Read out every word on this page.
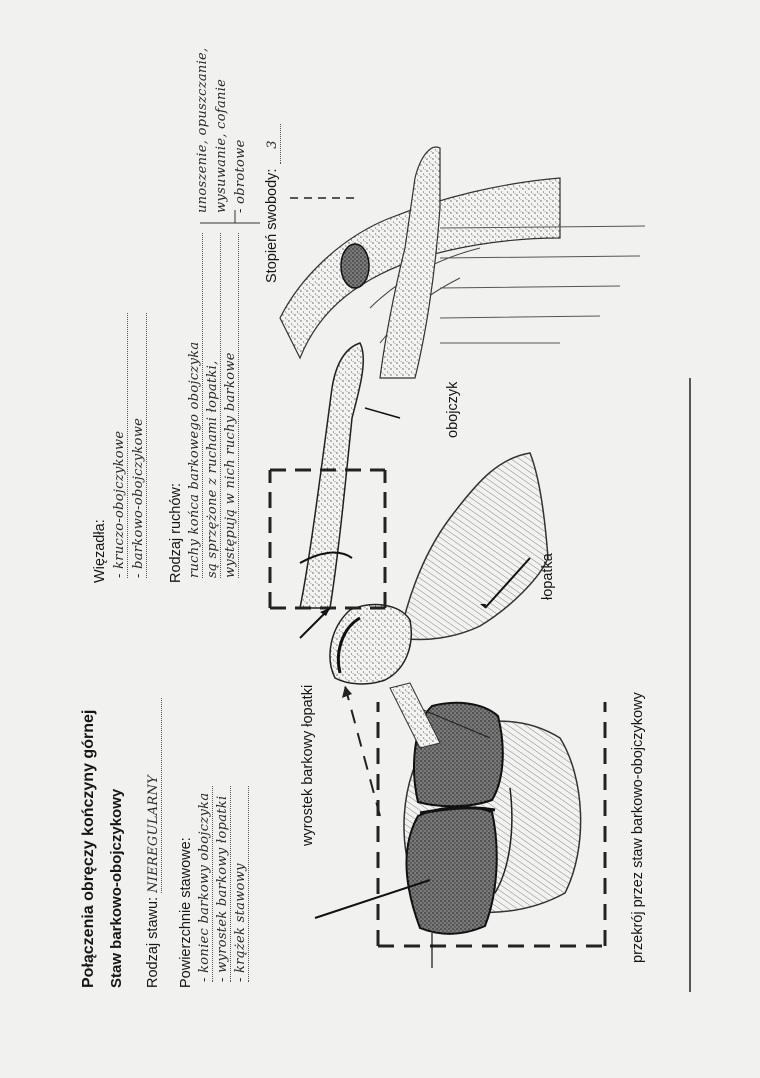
Połączenia obręczy kończyny górnej Staw barkowo-obojczykowy Rodzaj stawu: NIEREGULARNY
Powierzchnie stawowe: - koniec barkowy obojczyka - wyrostek barkowy łopatki - krążek stawowy
Więzadła: - kruczo-obojczykowe - barkowo-obojczykowe Rodzaj ruchów: ruchy końca barkowego obojczyka są sprzężone z ruchami łopatki, występują w nich ruchy barkowe
unoszenie, opuszczanie, wysuwanie, cofanie - obrotowe Stopień swobody: 3
obojczyk
łopatka
wyrostek barkowy łopatki	przekrój przez staw barkowo-obojczykowy
